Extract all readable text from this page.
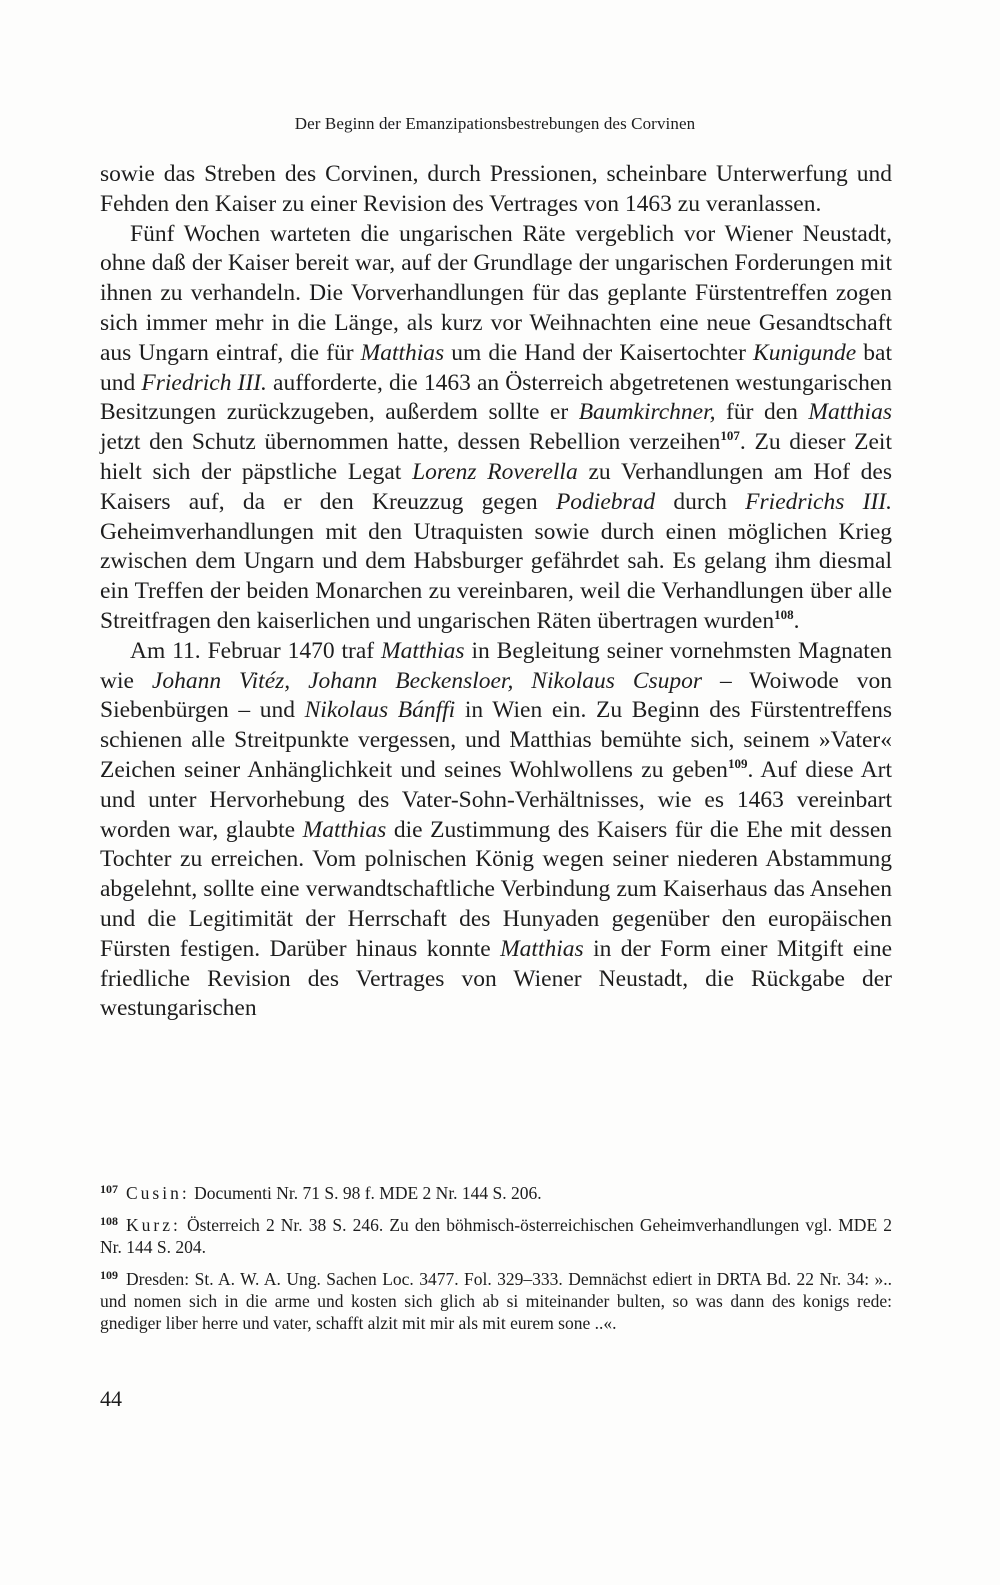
Der Beginn der Emanzipationsbestrebungen des Corvinen

sowie das Streben des Corvinen, durch Pressionen, scheinbare Unterwerfung und Fehden den Kaiser zu einer Revision des Vertrages von 1463 zu veranlassen.

Fünf Wochen warteten die ungarischen Räte vergeblich vor Wiener Neustadt, ohne daß der Kaiser bereit war, auf der Grundlage der ungarischen Forderungen mit ihnen zu verhandeln. Die Vorverhandlungen für das geplante Fürstentreffen zogen sich immer mehr in die Länge, als kurz vor Weihnachten eine neue Gesandtschaft aus Ungarn eintraf, die für Matthias um die Hand der Kaisertochter Kunigunde bat und Friedrich III. aufforderte, die 1463 an Österreich abgetretenen westungarischen Besitzungen zurückzugeben, außerdem sollte er Baumkirchner, für den Matthias jetzt den Schutz übernommen hatte, dessen Rebellion verzeihen$^{107}$. Zu dieser Zeit hielt sich der päpstliche Legat Lorenz Roverella zu Verhandlungen am Hof des Kaisers auf, da er den Kreuzzug gegen Podiebrad durch Friedrichs III. Geheimverhandlungen mit den Utraquisten sowie durch einen möglichen Krieg zwischen dem Ungarn und dem Habsburger gefährdet sah. Es gelang ihm diesmal ein Treffen der beiden Monarchen zu vereinbaren, weil die Verhandlungen über alle Streitfragen den kaiserlichen und ungarischen Räten übertragen wurden$^{108}$.

Am 11. Februar 1470 traf Matthias in Begleitung seiner vornehmsten Magnaten wie Johann Vitéz, Johann Beckensloer, Nikolaus Csupor – Woiwode von Siebenbürgen – und Nikolaus Bánffi in Wien ein. Zu Beginn des Fürstentreffens schienen alle Streitpunkte vergessen, und Matthias bemühte sich, seinem »Vater« Zeichen seiner Anhänglichkeit und seines Wohlwollens zu geben$^{109}$. Auf diese Art und unter Hervorhebung des Vater-Sohn-Verhältnisses, wie es 1463 vereinbart worden war, glaubte Matthias die Zustimmung des Kaisers für die Ehe mit dessen Tochter zu erreichen. Vom polnischen König wegen seiner niederen Abstammung abgelehnt, sollte eine verwandtschaftliche Verbindung zum Kaiserhaus das Ansehen und die Legitimität der Herrschaft des Hunyaden gegenüber den europäischen Fürsten festigen. Darüber hinaus konnte Matthias in der Form einer Mitgift eine friedliche Revision des Vertrages von Wiener Neustadt, die Rückgabe der westungarischen

$^{107}$ Cusin: Documenti Nr. 71 S. 98 f. MDE 2 Nr. 144 S. 206.
$^{108}$ Kurz: Österreich 2 Nr. 38 S. 246. Zu den böhmisch-österreichischen Geheimverhandlungen vgl. MDE 2 Nr. 144 S. 204.
$^{109}$ Dresden: St. A. W. A. Ung. Sachen Loc. 3477. Fol. 329–333. Demnächst ediert in DRTA Bd. 22 Nr. 34: ».. und nomen sich in die arme und kosten sich glich ab si miteinander bulten, so was dann des konigs rede: gnediger liber herre und vater, schafft alzit mit mir als mit eurem sone ..«.
44
